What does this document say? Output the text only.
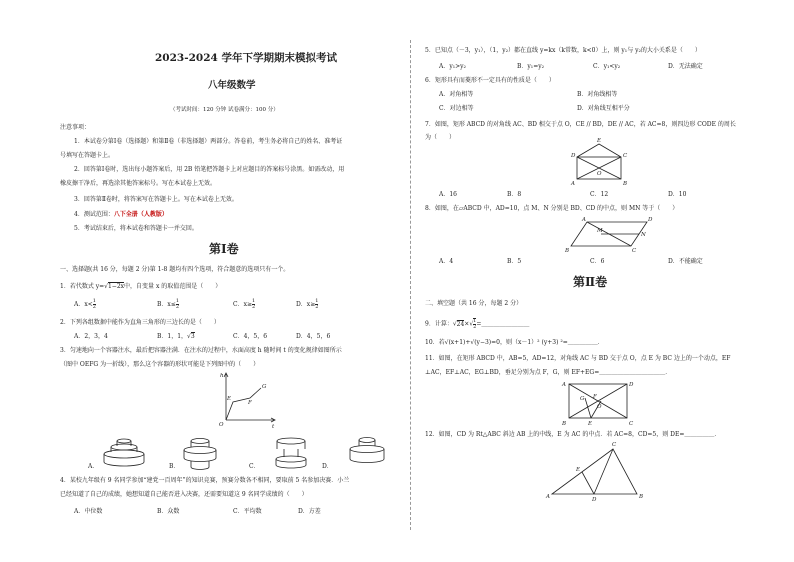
2023-2024 学年下学期期末模拟考试
八年级数学
（考试时间：120 分钟 试卷满分：100 分）
注意事项：
1．本试卷分第Ⅰ卷（选择题）和第Ⅱ卷（非选择题）两部分。答卷前，考生务必将自己的姓名、准考证
号填写在答题卡上。
2．回答第Ⅰ卷时，选出每小题答案后，用 2B 铅笔把答题卡上对应题目的答案标号涂黑。如需改动，用
橡皮擦干净后，再选涂其他答案标号。写在本试卷上无效。
3．回答第Ⅱ卷时，将答案写在答题卡上。写在本试卷上无效。
4．测试范围：八下全册（人教版）
5．考试结束后，将本试卷和答题卡一并交回。
第Ⅰ卷
一、选择题(共 16 分，每题 2 分)第 1-8 题均有四个选项，符合题意的选项只有一个。
1．若代数式 y=√1−2x中，自变量 x 的取值范围是（　　）
A．$x< \frac{1}{2}$	B．$x\le \frac{1}{2}$	C．$x\ge \frac{1}{2}$	D．$x\ge \frac{1}{2}$
2．下列各组数据中能作为直角三角形的三边长的是（　　）
A．2，3，4	B．1，1，√3	C．4，5，6	D．4，5，6
3．匀速地向一个容器注水，最后把容器注满．在注水的过程中，水面高度 h 随时间 t 的变化规律如图所示
（图中 OEFG 为一折线），那么这个容器的形状可能是下列图中的（　　）
h
t
O
E
F
G
A．	B．	C．	D．
4．某校九年级有 9 名同学参加“建党一百周年”的知识竞赛，预赛分数各不相同，要取前 5 名参加决赛．小兰
已经知道了自己的成绩，她想知道自己能否进入决赛，还需要知道这 9 名同学成绩的（　　）
A．中位数	B．众数	C．平均数	D．方差
5．已知点（－3，y₁），（1，y₂）都在直线 y=kx（k常数，k<0）上，则 y₁与 y₂的大小关系是（　　）
A．y₁>y₂	B．y₁=y₂	C．y₁<y₂	D．无法确定
6．矩形具有而菱形不一定具有的性质是（　　）
A．对角相等	B．对角线相等
C．对边相等	D．对角线互相平分
7．如图，矩形 ABCD 的对角线 AC、BD 相交于点 O，CE // BD，DE // AC，若 AC=8，则四边形 CODE 的周长
为（　　）
A．16	B．8	C．12	D．10
8．如图，在▱ABCD 中，AD=10，点 M、N 分别是 BD、CD 的中点，则 MN 等于（　　）
A．4	B．5	C．6	D．不能确定
第Ⅱ卷
二、填空题（共 16 分，每题 2 分）
9．计算：$√24\times√ \frac{1}{2}$ =＿＿＿＿＿＿＿＿
10．若√(x+1)+√(y−3)=0，则（x－1）² (y+3) ²=＿＿＿＿＿．
11．如图，在矩形 ABCD 中，AB=5，AD=12，对角线 AC 与 BD 交于点 O，点 E 为 BC 边上的一个动点，EF
⊥AC，EF⊥AC，EG⊥BD，垂足分别为点 F，G，则 EF+EG=＿＿＿＿＿＿＿＿＿＿＿．
12．如图，CD 为 Rt△ABC 斜边 AB 上的中线，E 为 AC 的中点．若 AC=8，CD=5，则 DE=＿＿＿＿＿．
D
E
C
A
O
B
A	D
N
M
B	C
A	D
F
O
G
B	E	C
C
E
A	D	B
